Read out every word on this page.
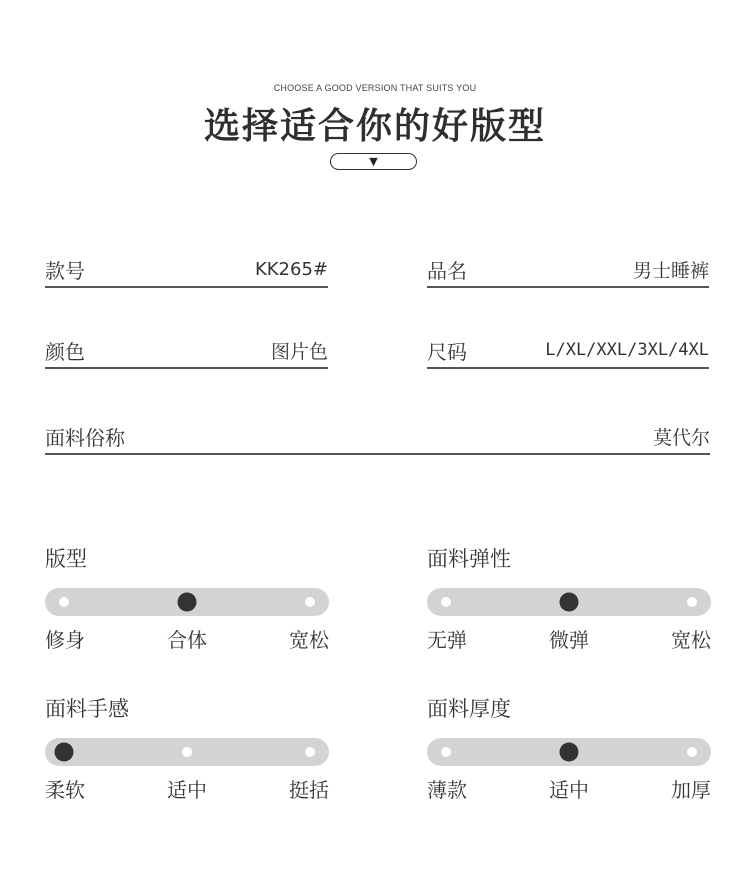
CHOOSE A GOOD VERSION THAT SUITS YOU
选择适合你的好版型
▼
款号	KK265#	品名	男士睡裤
颜色	图片色	尺码	L/XL/XXL/3XL/4XL
面料俗称	莫代尔
版型
修身	合体	宽松
面料弹性
无弹	微弹	宽松
面料手感
柔软	适中	挺括
面料厚度
薄款	适中	加厚
